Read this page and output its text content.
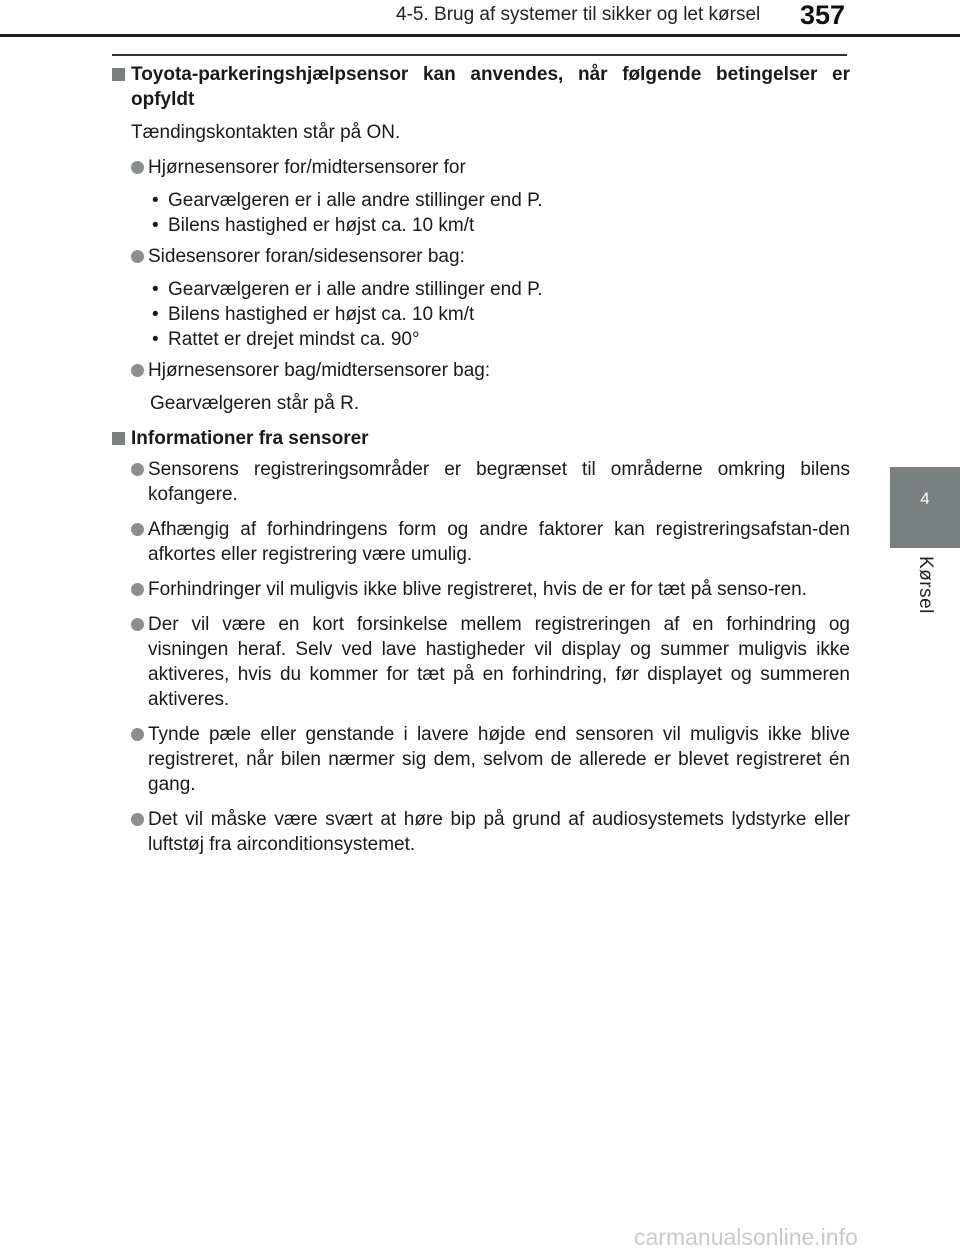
4-5. Brug af systemer til sikker og let kørsel	357
4
Kørsel
Toyota-parkeringshjælpsensor kan anvendes, når følgende betingelser er opfyldt
Tændingskontakten står på ON.
Hjørnesensorer for/midtersensorer for
• Gearvælgeren er i alle andre stillinger end P.
• Bilens hastighed er højst ca. 10 km/t
Sidesensorer foran/sidesensorer bag:
• Gearvælgeren er i alle andre stillinger end P.
• Bilens hastighed er højst ca. 10 km/t
• Rattet er drejet mindst ca. 90°
Hjørnesensorer bag/midtersensorer bag:
Gearvælgeren står på R.
Informationer fra sensorer
Sensorens registreringsområder er begrænset til områderne omkring bilens kofangere.
Afhængig af forhindringens form og andre faktorer kan registreringsafstan-den afkortes eller registrering være umulig.
Forhindringer vil muligvis ikke blive registreret, hvis de er for tæt på senso-ren.
Der vil være en kort forsinkelse mellem registreringen af en forhindring og visningen heraf. Selv ved lave hastigheder vil display og summer muligvis ikke aktiveres, hvis du kommer for tæt på en forhindring, før displayet og summeren aktiveres.
Tynde pæle eller genstande i lavere højde end sensoren vil muligvis ikke blive registreret, når bilen nærmer sig dem, selvom de allerede er blevet registreret én gang.
Det vil måske være svært at høre bip på grund af audiosystemets lydstyrke eller luftstøj fra airconditionsystemet.
carmanualsonline.info
